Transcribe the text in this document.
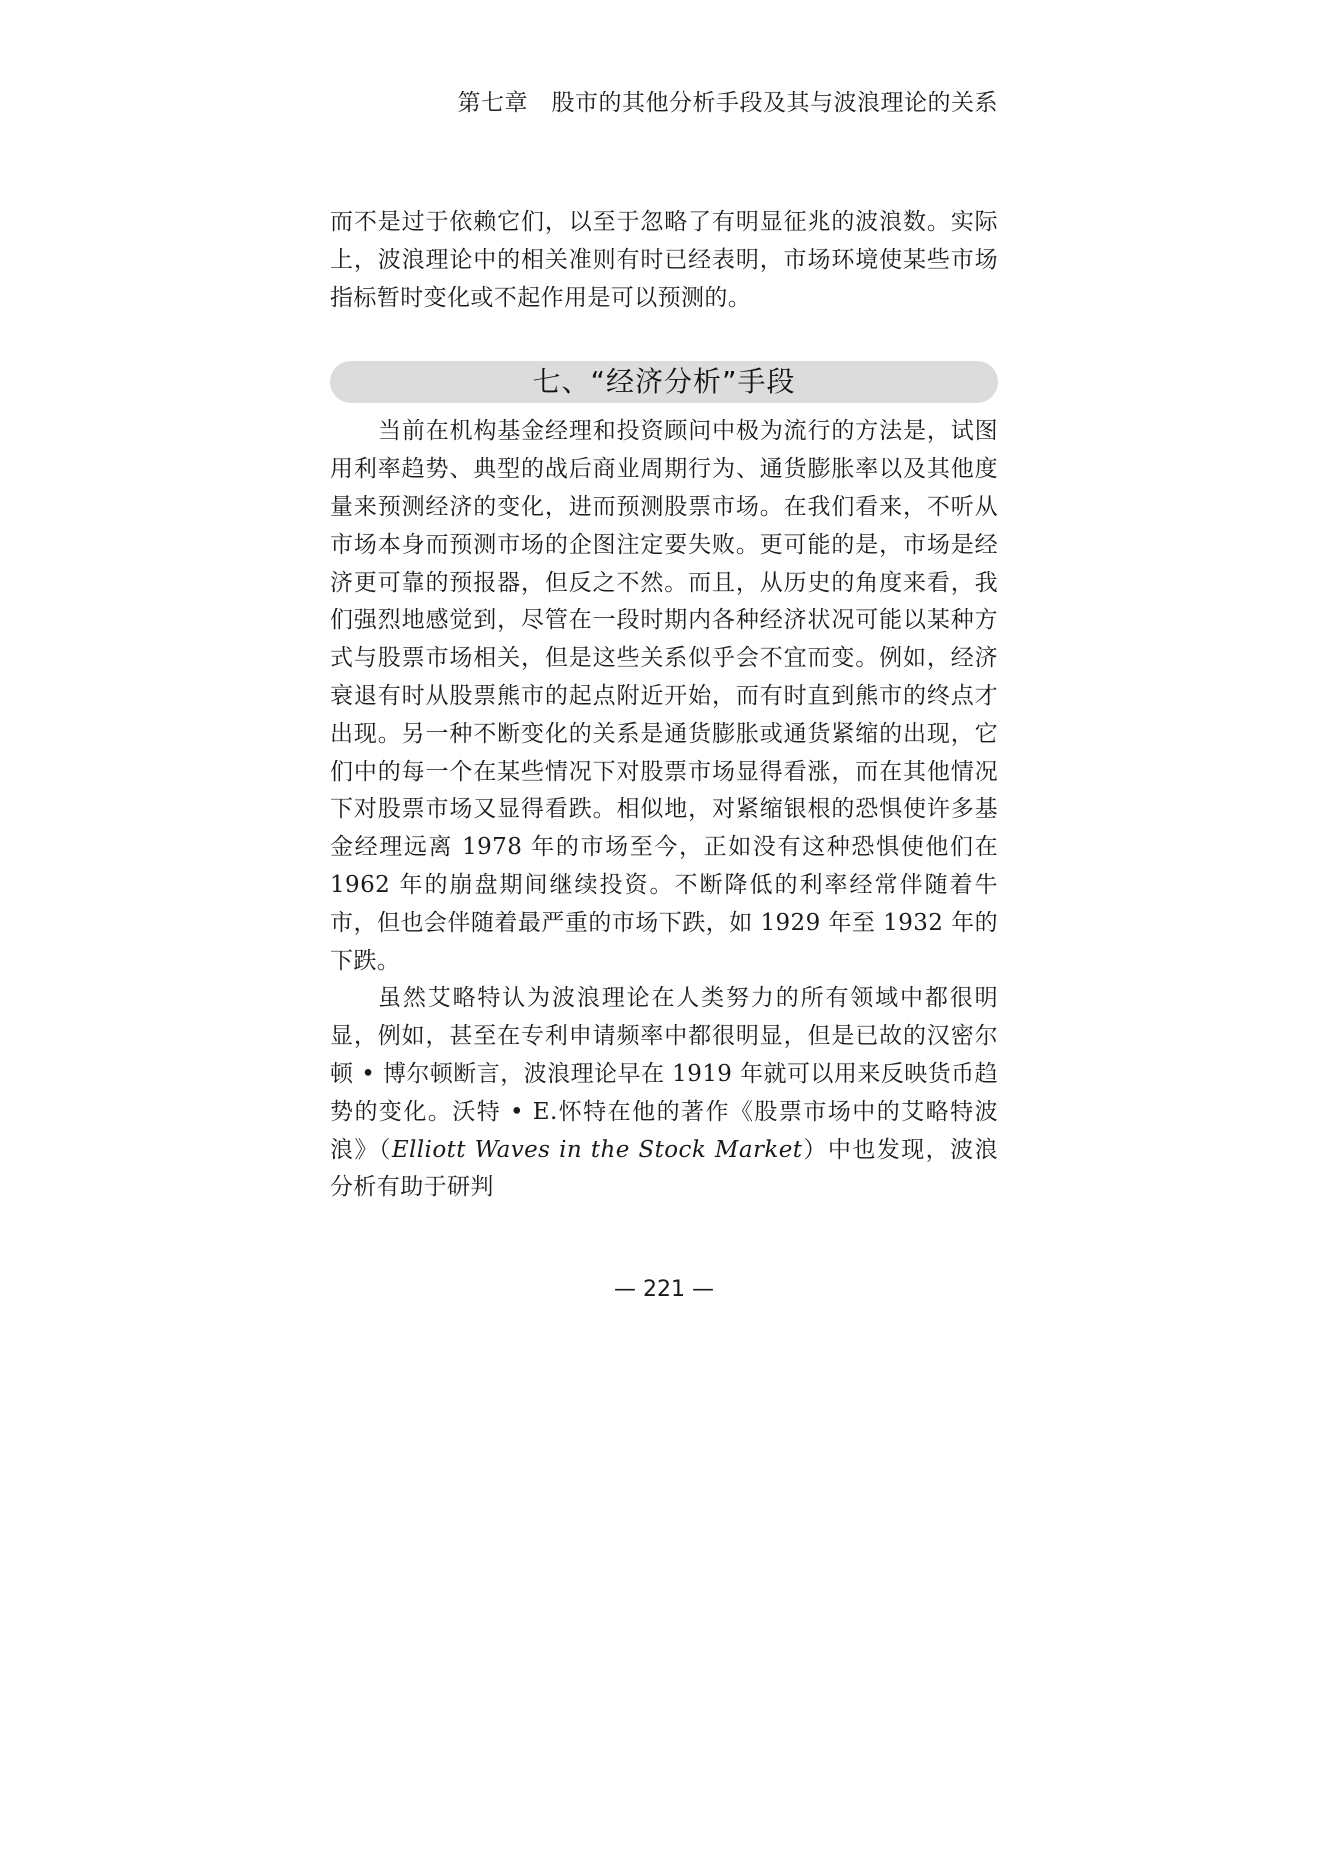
第七章　股市的其他分析手段及其与波浪理论的关系

而不是过于依赖它们，以至于忽略了有明显征兆的波浪数。实际上，波浪理论中的相关准则有时已经表明，市场环境使某些市场指标暂时变化或不起作用是可以预测的。

七、“经济分析”手段

当前在机构基金经理和投资顾问中极为流行的方法是，试图用利率趋势、典型的战后商业周期行为、通货膨胀率以及其他度量来预测经济的变化，进而预测股票市场。在我们看来，不听从市场本身而预测市场的企图注定要失败。更可能的是，市场是经济更可靠的预报器，但反之不然。而且，从历史的角度来看，我们强烈地感觉到，尽管在一段时期内各种经济状况可能以某种方式与股票市场相关，但是这些关系似乎会不宜而变。例如，经济衰退有时从股票熊市的起点附近开始，而有时直到熊市的终点才出现。另一种不断变化的关系是通货膨胀或通货紧缩的出现，它们中的每一个在某些情况下对股票市场显得看涨，而在其他情况下对股票市场又显得看跌。相似地，对紧缩银根的恐惧使许多基金经理远离 1978 年的市场至今，正如没有这种恐惧使他们在 1962 年的崩盘期间继续投资。不断降低的利率经常伴随着牛市，但也会伴随着最严重的市场下跌，如 1929 年至 1932 年的下跌。

虽然艾略特认为波浪理论在人类努力的所有领域中都很明显，例如，甚至在专利申请频率中都很明显，但是已故的汉密尔顿 • 博尔顿断言，波浪理论早在 1919 年就可以用来反映货币趋势的变化。沃特 • E.怀特在他的著作《股票市场中的艾略特波浪》（Elliott Waves in the Stock Market）中也发现，波浪分析有助于研判

— 221 —
